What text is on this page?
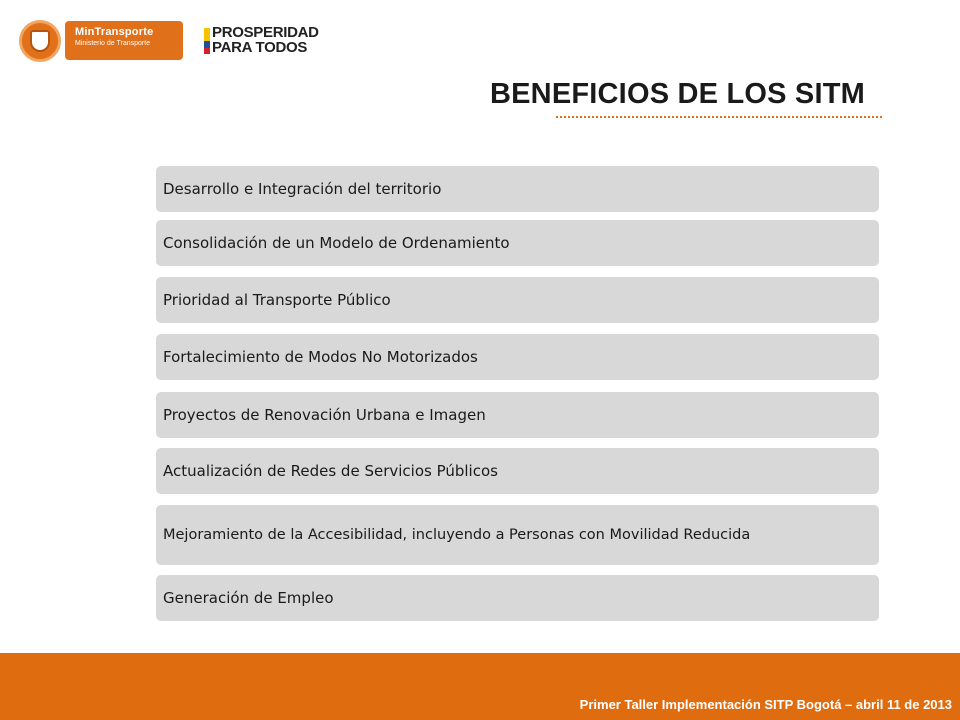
MinTransporte
Ministerio de Transporte
PROSPERIDAD
PARA TODOS
BENEFICIOS DE LOS SITM
Desarrollo e Integración del territorio
Consolidación de un Modelo de Ordenamiento
Prioridad al Transporte Público
Fortalecimiento de Modos No Motorizados
Proyectos de Renovación Urbana e Imagen
Actualización de Redes de Servicios Públicos
Mejoramiento de la Accesibilidad, incluyendo a Personas con Movilidad Reducida
Generación de Empleo
Primer Taller Implementación SITP Bogotá – abril 11 de 2013
